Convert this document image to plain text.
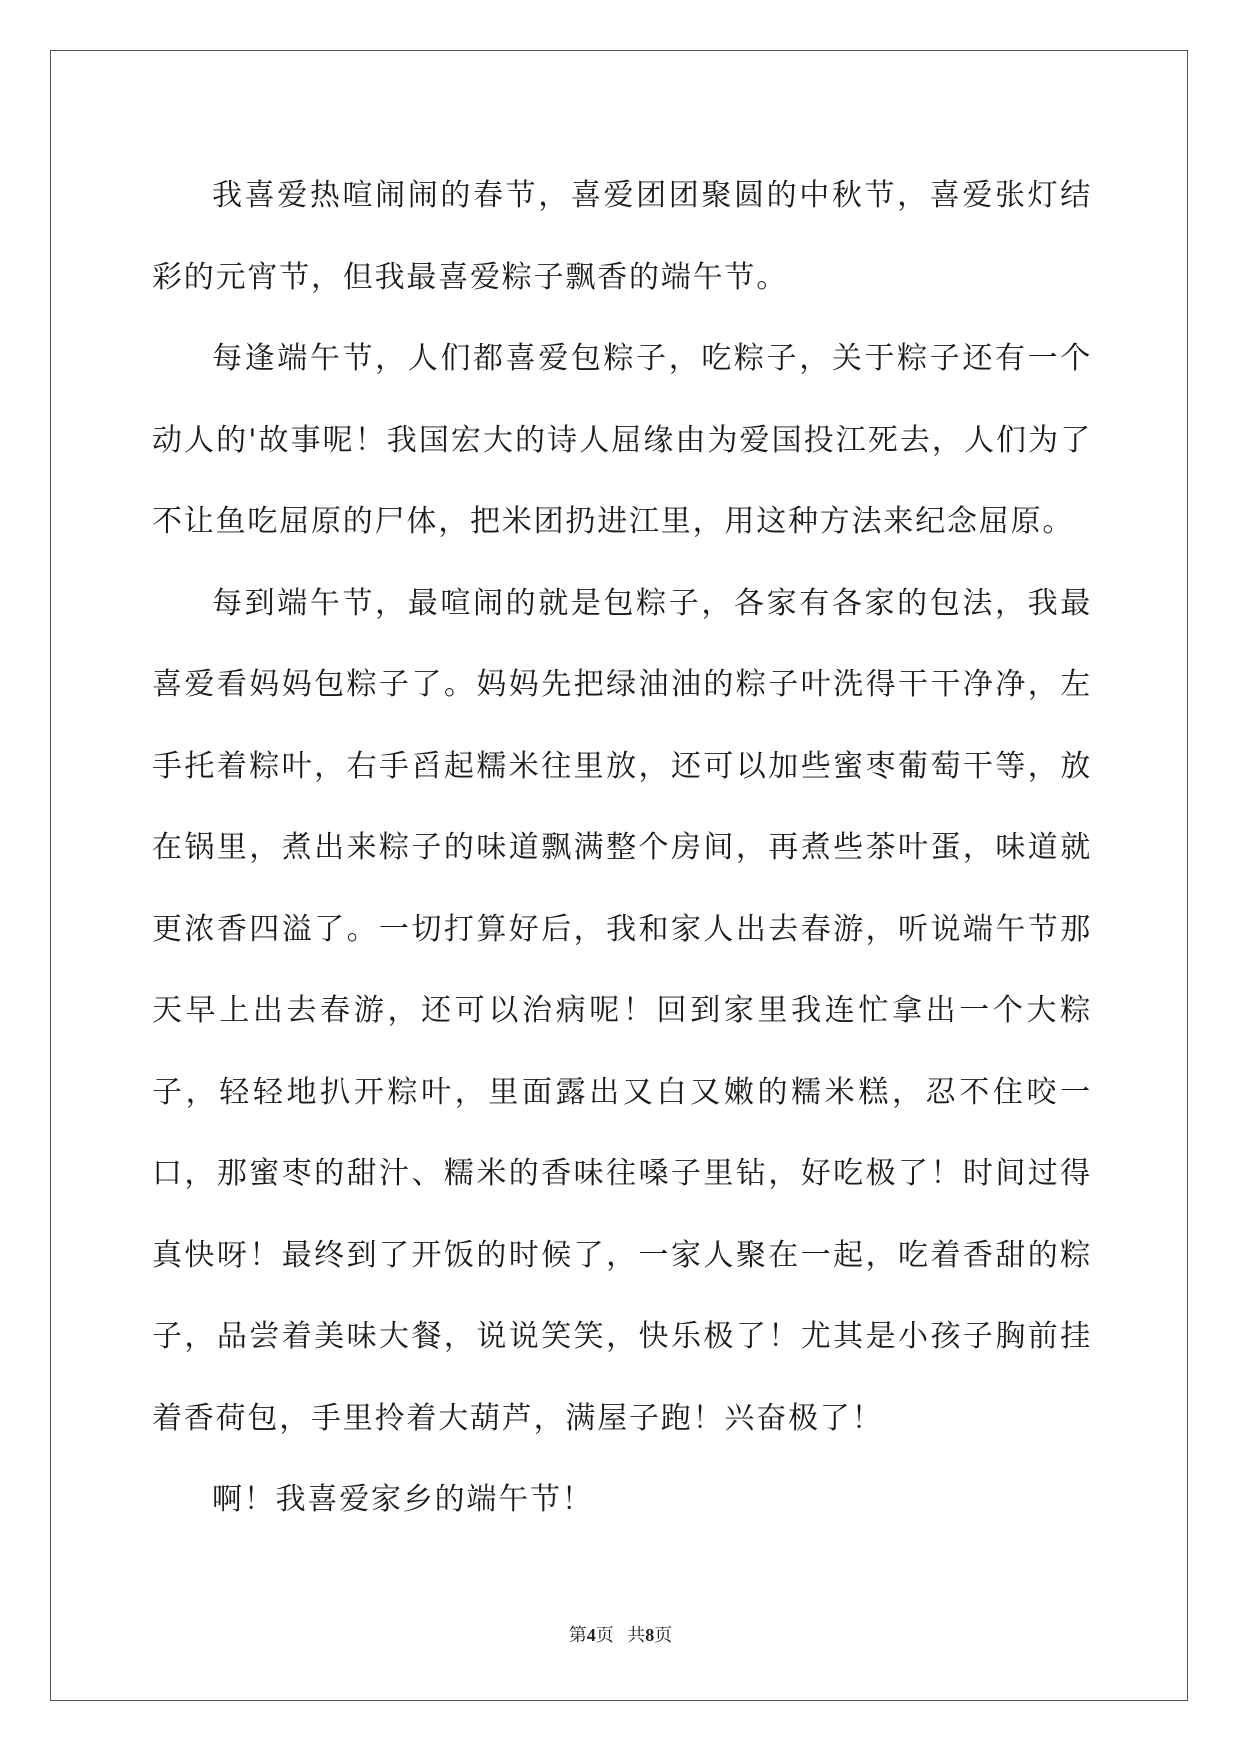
我喜爱热喧闹闹的春节，喜爱团团聚圆的中秋节，喜爱张灯结彩的元宵节，但我最喜爱粽子飘香的端午节。

每逢端午节，人们都喜爱包粽子，吃粽子，关于粽子还有一个动人的'故事呢！我国宏大的诗人屈缘由为爱国投江死去，人们为了不让鱼吃屈原的尸体，把米团扔进江里，用这种方法来纪念屈原。

每到端午节，最喧闹的就是包粽子，各家有各家的包法，我最喜爱看妈妈包粽子了。妈妈先把绿油油的粽子叶洗得干干净净，左手托着粽叶，右手舀起糯米往里放，还可以加些蜜枣葡萄干等，放在锅里，煮出来粽子的味道飘满整个房间，再煮些茶叶蛋，味道就更浓香四溢了。一切打算好后，我和家人出去春游，听说端午节那天早上出去春游，还可以治病呢！回到家里我连忙拿出一个大粽子，轻轻地扒开粽叶，里面露出又白又嫩的糯米糕，忍不住咬一口，那蜜枣的甜汁、糯米的香味往嗓子里钻，好吃极了！时间过得真快呀！最终到了开饭的时候了，一家人聚在一起，吃着香甜的粽子，品尝着美味大餐，说说笑笑，快乐极了！尤其是小孩子胸前挂着香荷包，手里拎着大葫芦，满屋子跑！兴奋极了！

啊！我喜爱家乡的端午节！

第4页 共8页
